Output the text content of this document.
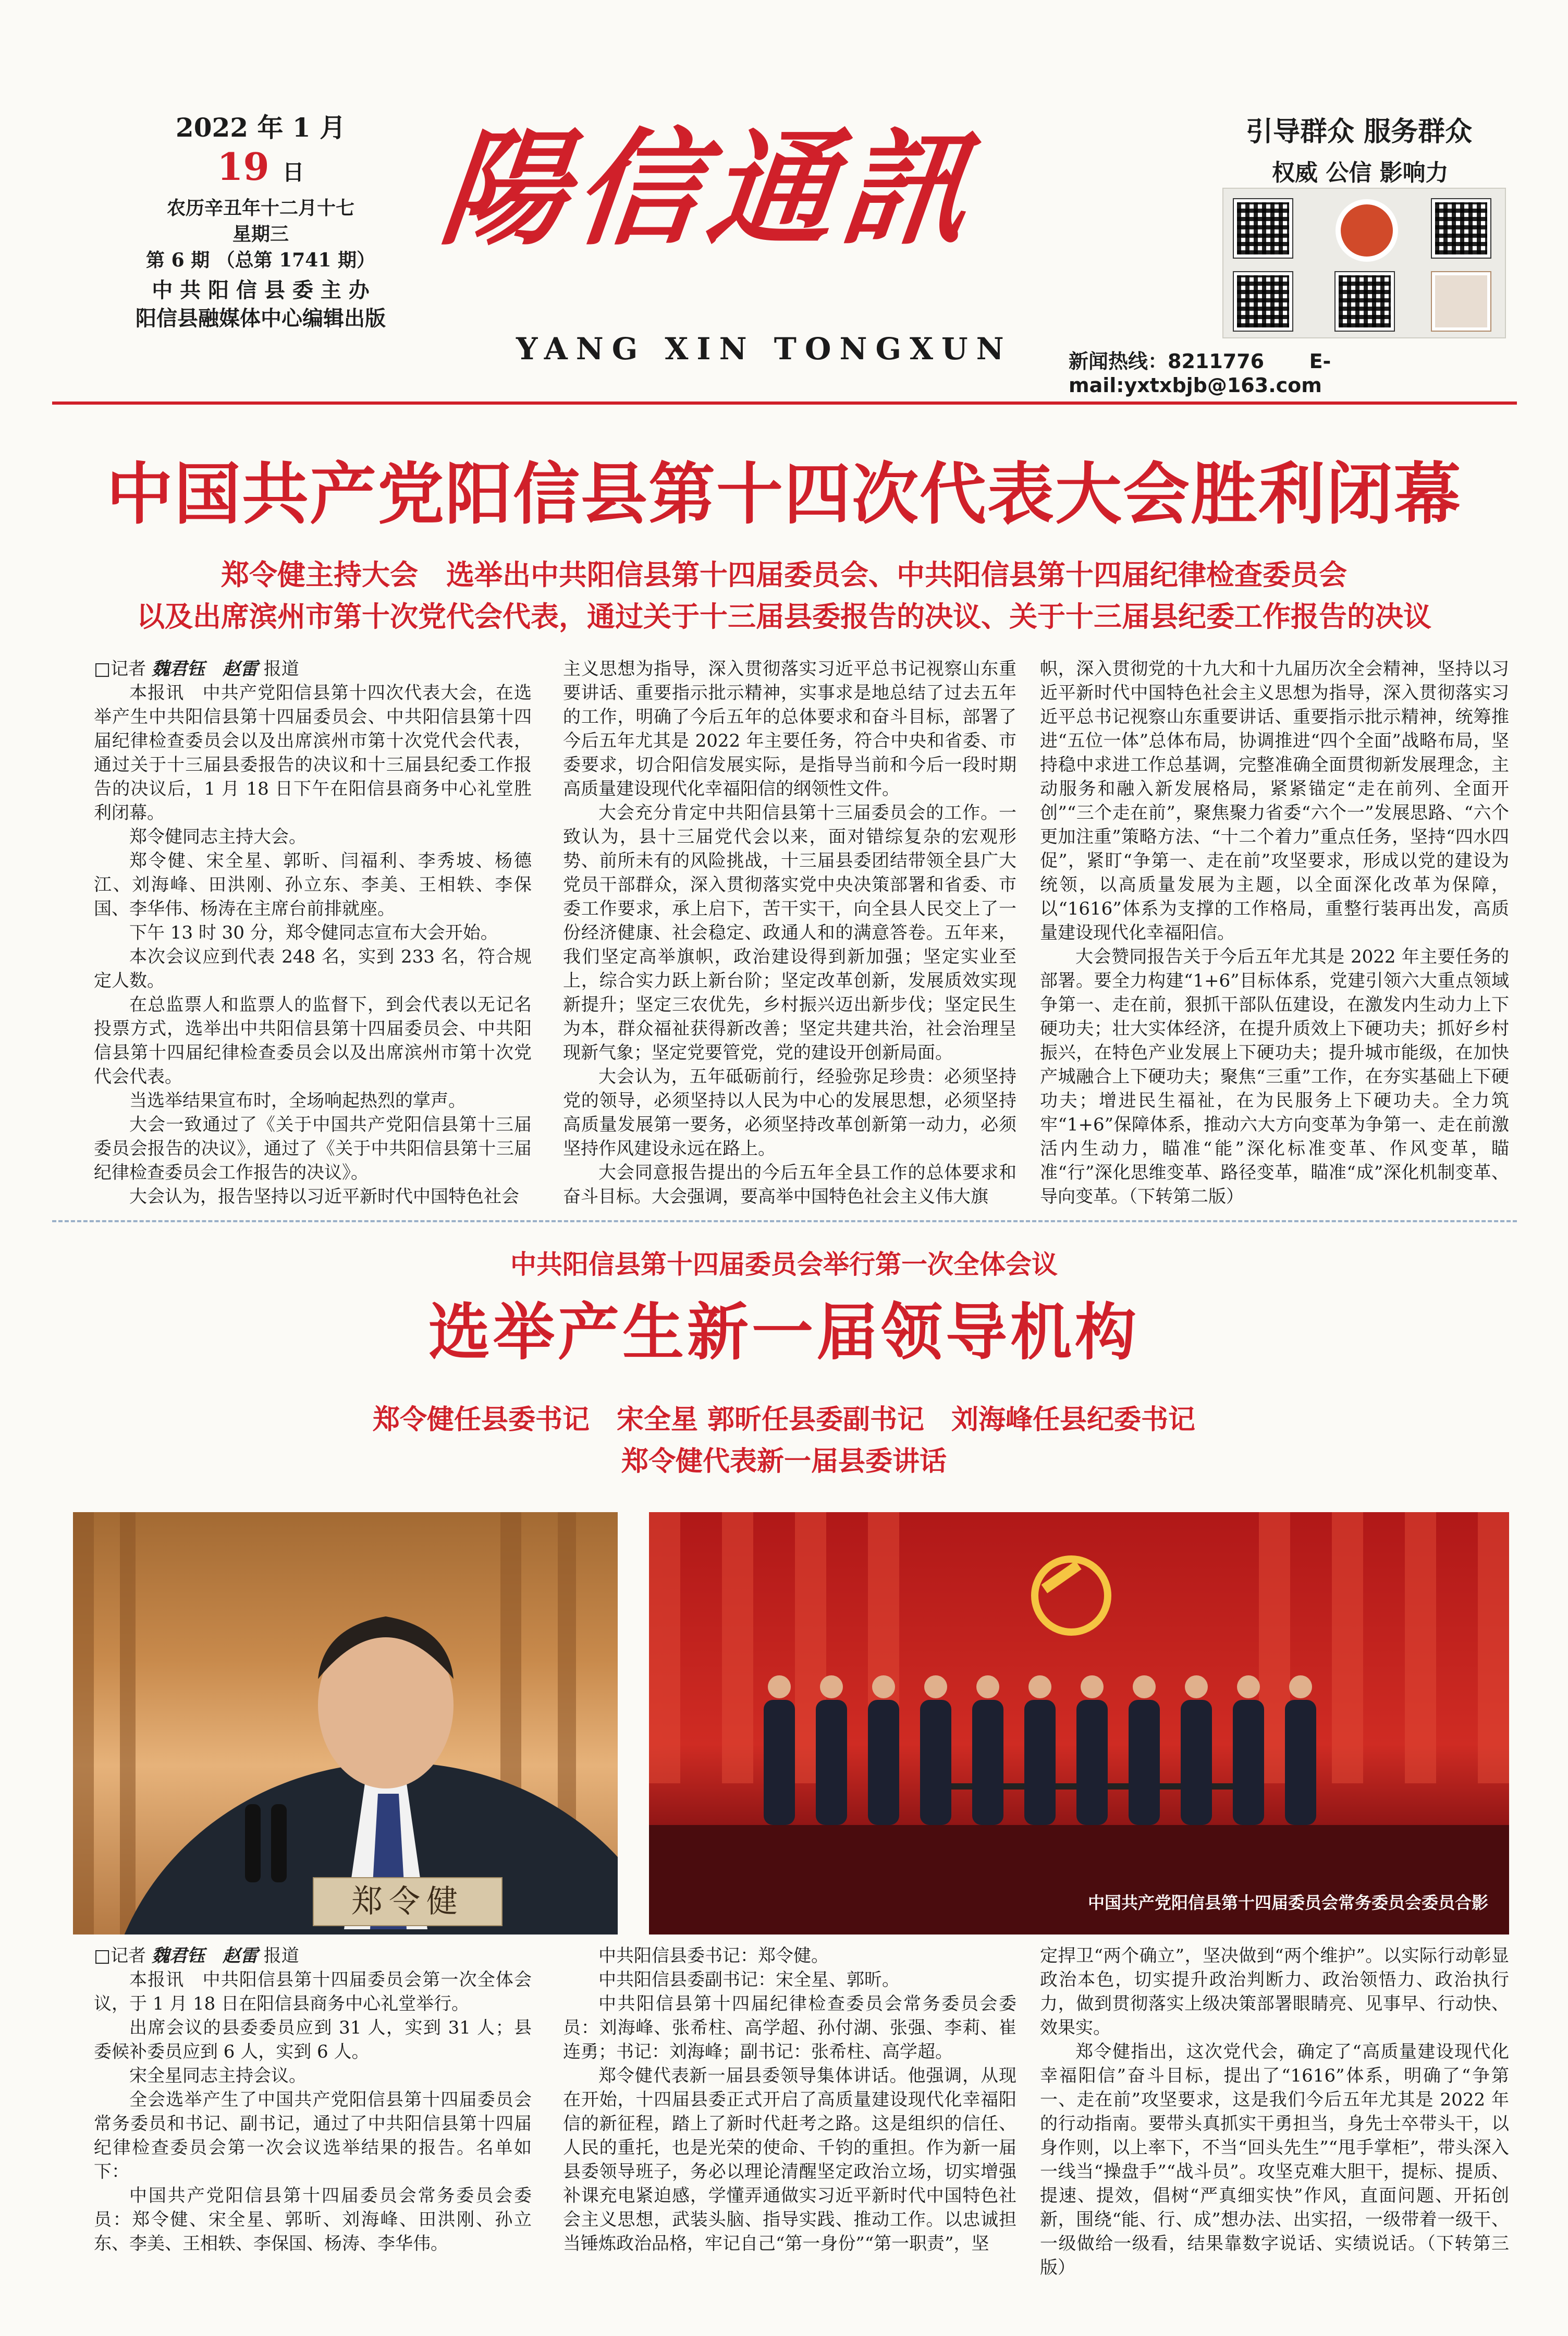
2022 年 1 月
19 日
农历辛丑年十二月十七
星期三
第 6 期 （总第 1741 期）
中 共 阳 信 县 委 主 办
阳信县融媒体中心编辑出版
陽信通訊
YANG XIN TONGXUN
引导群众 服务群众
权威 公信 影响力
新闻热线：8211776 E-mail:yxtxbjb@163.com
中国共产党阳信县第十四次代表大会胜利闭幕
郑令健主持大会　选举出中共阳信县第十四届委员会、中共阳信县第十四届纪律检查委员会
以及出席滨州市第十次党代会代表，通过关于十三届县委报告的决议、关于十三届县纪委工作报告的决议
□记者 魏君钰　赵雷 报道

本报讯　中共产党阳信县第十四次代表大会，在选举产生中共阳信县第十四届委员会、中共阳信县第十四届纪律检查委员会以及出席滨州市第十次党代会代表，通过关于十三届县委报告的决议和十三届县纪委工作报告的决议后，1 月 18 日下午在阳信县商务中心礼堂胜利闭幕。

郑令健同志主持大会。

郑令健、宋全星、郭昕、闫福利、李秀坡、杨德江、刘海峰、田洪刚、孙立东、李美、王相轶、李保国、李华伟、杨涛在主席台前排就座。

下午 13 时 30 分，郑令健同志宣布大会开始。

本次会议应到代表 248 名，实到 233 名，符合规定人数。

在总监票人和监票人的监督下，到会代表以无记名投票方式，选举出中共阳信县第十四届委员会、中共阳信县第十四届纪律检查委员会以及出席滨州市第十次党代会代表。

当选举结果宣布时，全场响起热烈的掌声。

大会一致通过了《关于中国共产党阳信县第十三届委员会报告的决议》，通过了《关于中共阳信县第十三届纪律检查委员会工作报告的决议》。

大会认为，报告坚持以习近平新时代中国特色社会

主义思想为指导，深入贯彻落实习近平总书记视察山东重要讲话、重要指示批示精神，实事求是地总结了过去五年的工作，明确了今后五年的总体要求和奋斗目标，部署了今后五年尤其是 2022 年主要任务，符合中央和省委、市委要求，切合阳信发展实际，是指导当前和今后一段时期高质量建设现代化幸福阳信的纲领性文件。

大会充分肯定中共阳信县第十三届委员会的工作。一致认为，县十三届党代会以来，面对错综复杂的宏观形势、前所未有的风险挑战，十三届县委团结带领全县广大党员干部群众，深入贯彻落实党中央决策部署和省委、市委工作要求，承上启下，苦干实干，向全县人民交上了一份经济健康、社会稳定、政通人和的满意答卷。五年来，我们坚定高举旗帜，政治建设得到新加强；坚定实业至上，综合实力跃上新台阶；坚定改革创新，发展质效实现新提升；坚定三农优先，乡村振兴迈出新步伐；坚定民生为本，群众福祉获得新改善；坚定共建共治，社会治理呈现新气象；坚定党要管党，党的建设开创新局面。

大会认为，五年砥砺前行，经验弥足珍贵：必须坚持党的领导，必须坚持以人民为中心的发展思想，必须坚持高质量发展第一要务，必须坚持改革创新第一动力，必须坚持作风建设永远在路上。

大会同意报告提出的今后五年全县工作的总体要求和奋斗目标。大会强调，要高举中国特色社会主义伟大旗

帜，深入贯彻党的十九大和十九届历次全会精神，坚持以习近平新时代中国特色社会主义思想为指导，深入贯彻落实习近平总书记视察山东重要讲话、重要指示批示精神，统筹推进“五位一体”总体布局，协调推进“四个全面”战略布局，坚持稳中求进工作总基调，完整准确全面贯彻新发展理念，主动服务和融入新发展格局，紧紧锚定“走在前列、全面开创”“三个走在前”，聚焦聚力省委“六个一”发展思路、“六个更加注重”策略方法、“十二个着力”重点任务，坚持“四水四促”，紧盯“争第一、走在前”攻坚要求，形成以党的建设为统领，以高质量发展为主题，以全面深化改革为保障，以“1616”体系为支撑的工作格局，重整行装再出发，高质量建设现代化幸福阳信。

大会赞同报告关于今后五年尤其是 2022 年主要任务的部署。要全力构建“1+6”目标体系，党建引领六大重点领域争第一、走在前，狠抓干部队伍建设，在激发内生动力上下硬功夫；壮大实体经济，在提升质效上下硬功夫；抓好乡村振兴，在特色产业发展上下硬功夫；提升城市能级，在加快产城融合上下硬功夫；聚焦“三重”工作，在夯实基础上下硬功夫；增进民生福祉，在为民服务上下硬功夫。全力筑牢“1+6”保障体系，推动六大方向变革为争第一、走在前激活内生动力，瞄准“能”深化标准变革、作风变革，瞄准“行”深化思维变革、路径变革，瞄准“成”深化机制变革、导向变革。（下转第二版）

中共阳信县第十四届委员会举行第一次全体会议
选举产生新一届领导机构
郑令健任县委书记　宋全星 郭昕任县委副书记　刘海峰任县纪委书记
郑令健代表新一届县委讲话
郑令健	中国共产党阳信县第十四届委员会常务委员会委员合影
□记者 魏君钰　赵雷 报道

本报讯　中共阳信县第十四届委员会第一次全体会议，于 1 月 18 日在阳信县商务中心礼堂举行。

出席会议的县委委员应到 31 人，实到 31 人；县委候补委员应到 6 人，实到 6 人。

宋全星同志主持会议。

全会选举产生了中国共产党阳信县第十四届委员会常务委员和书记、副书记，通过了中共阳信县第十四届纪律检查委员会第一次会议选举结果的报告。名单如下：

中国共产党阳信县第十四届委员会常务委员会委员：郑令健、宋全星、郭昕、刘海峰、田洪刚、孙立东、李美、王相轶、李保国、杨涛、李华伟。

中共阳信县委书记：郑令健。

中共阳信县委副书记：宋全星、郭昕。

中共阳信县第十四届纪律检查委员会常务委员会委员：刘海峰、张希柱、高学超、孙付湖、张强、李莉、崔连勇；书记：刘海峰；副书记：张希柱、高学超。

郑令健代表新一届县委领导集体讲话。他强调，从现在开始，十四届县委正式开启了高质量建设现代化幸福阳信的新征程，踏上了新时代赶考之路。这是组织的信任、人民的重托，也是光荣的使命、千钧的重担。作为新一届县委领导班子，务必以理论清醒坚定政治立场，切实增强补课充电紧迫感，学懂弄通做实习近平新时代中国特色社会主义思想，武装头脑、指导实践、推动工作。以忠诚担当锤炼政治品格，牢记自己“第一身份”“第一职责”，坚

定捍卫“两个确立”，坚决做到“两个维护”。以实际行动彰显政治本色，切实提升政治判断力、政治领悟力、政治执行力，做到贯彻落实上级决策部署眼睛亮、见事早、行动快、效果实。

郑令健指出，这次党代会，确定了“高质量建设现代化幸福阳信”奋斗目标，提出了“1616”体系，明确了“争第一、走在前”攻坚要求，这是我们今后五年尤其是 2022 年的行动指南。要带头真抓实干勇担当，身先士卒带头干，以身作则，以上率下，不当“回头先生”“甩手掌柜”，带头深入一线当“操盘手”“战斗员”。攻坚克难大胆干，提标、提质、提速、提效，倡树“严真细实快”作风，直面问题、开拓创新，围绕“能、行、成”想办法、出实招，一级带着一级干、一级做给一级看，结果靠数字说话、实绩说话。（下转第三版）
